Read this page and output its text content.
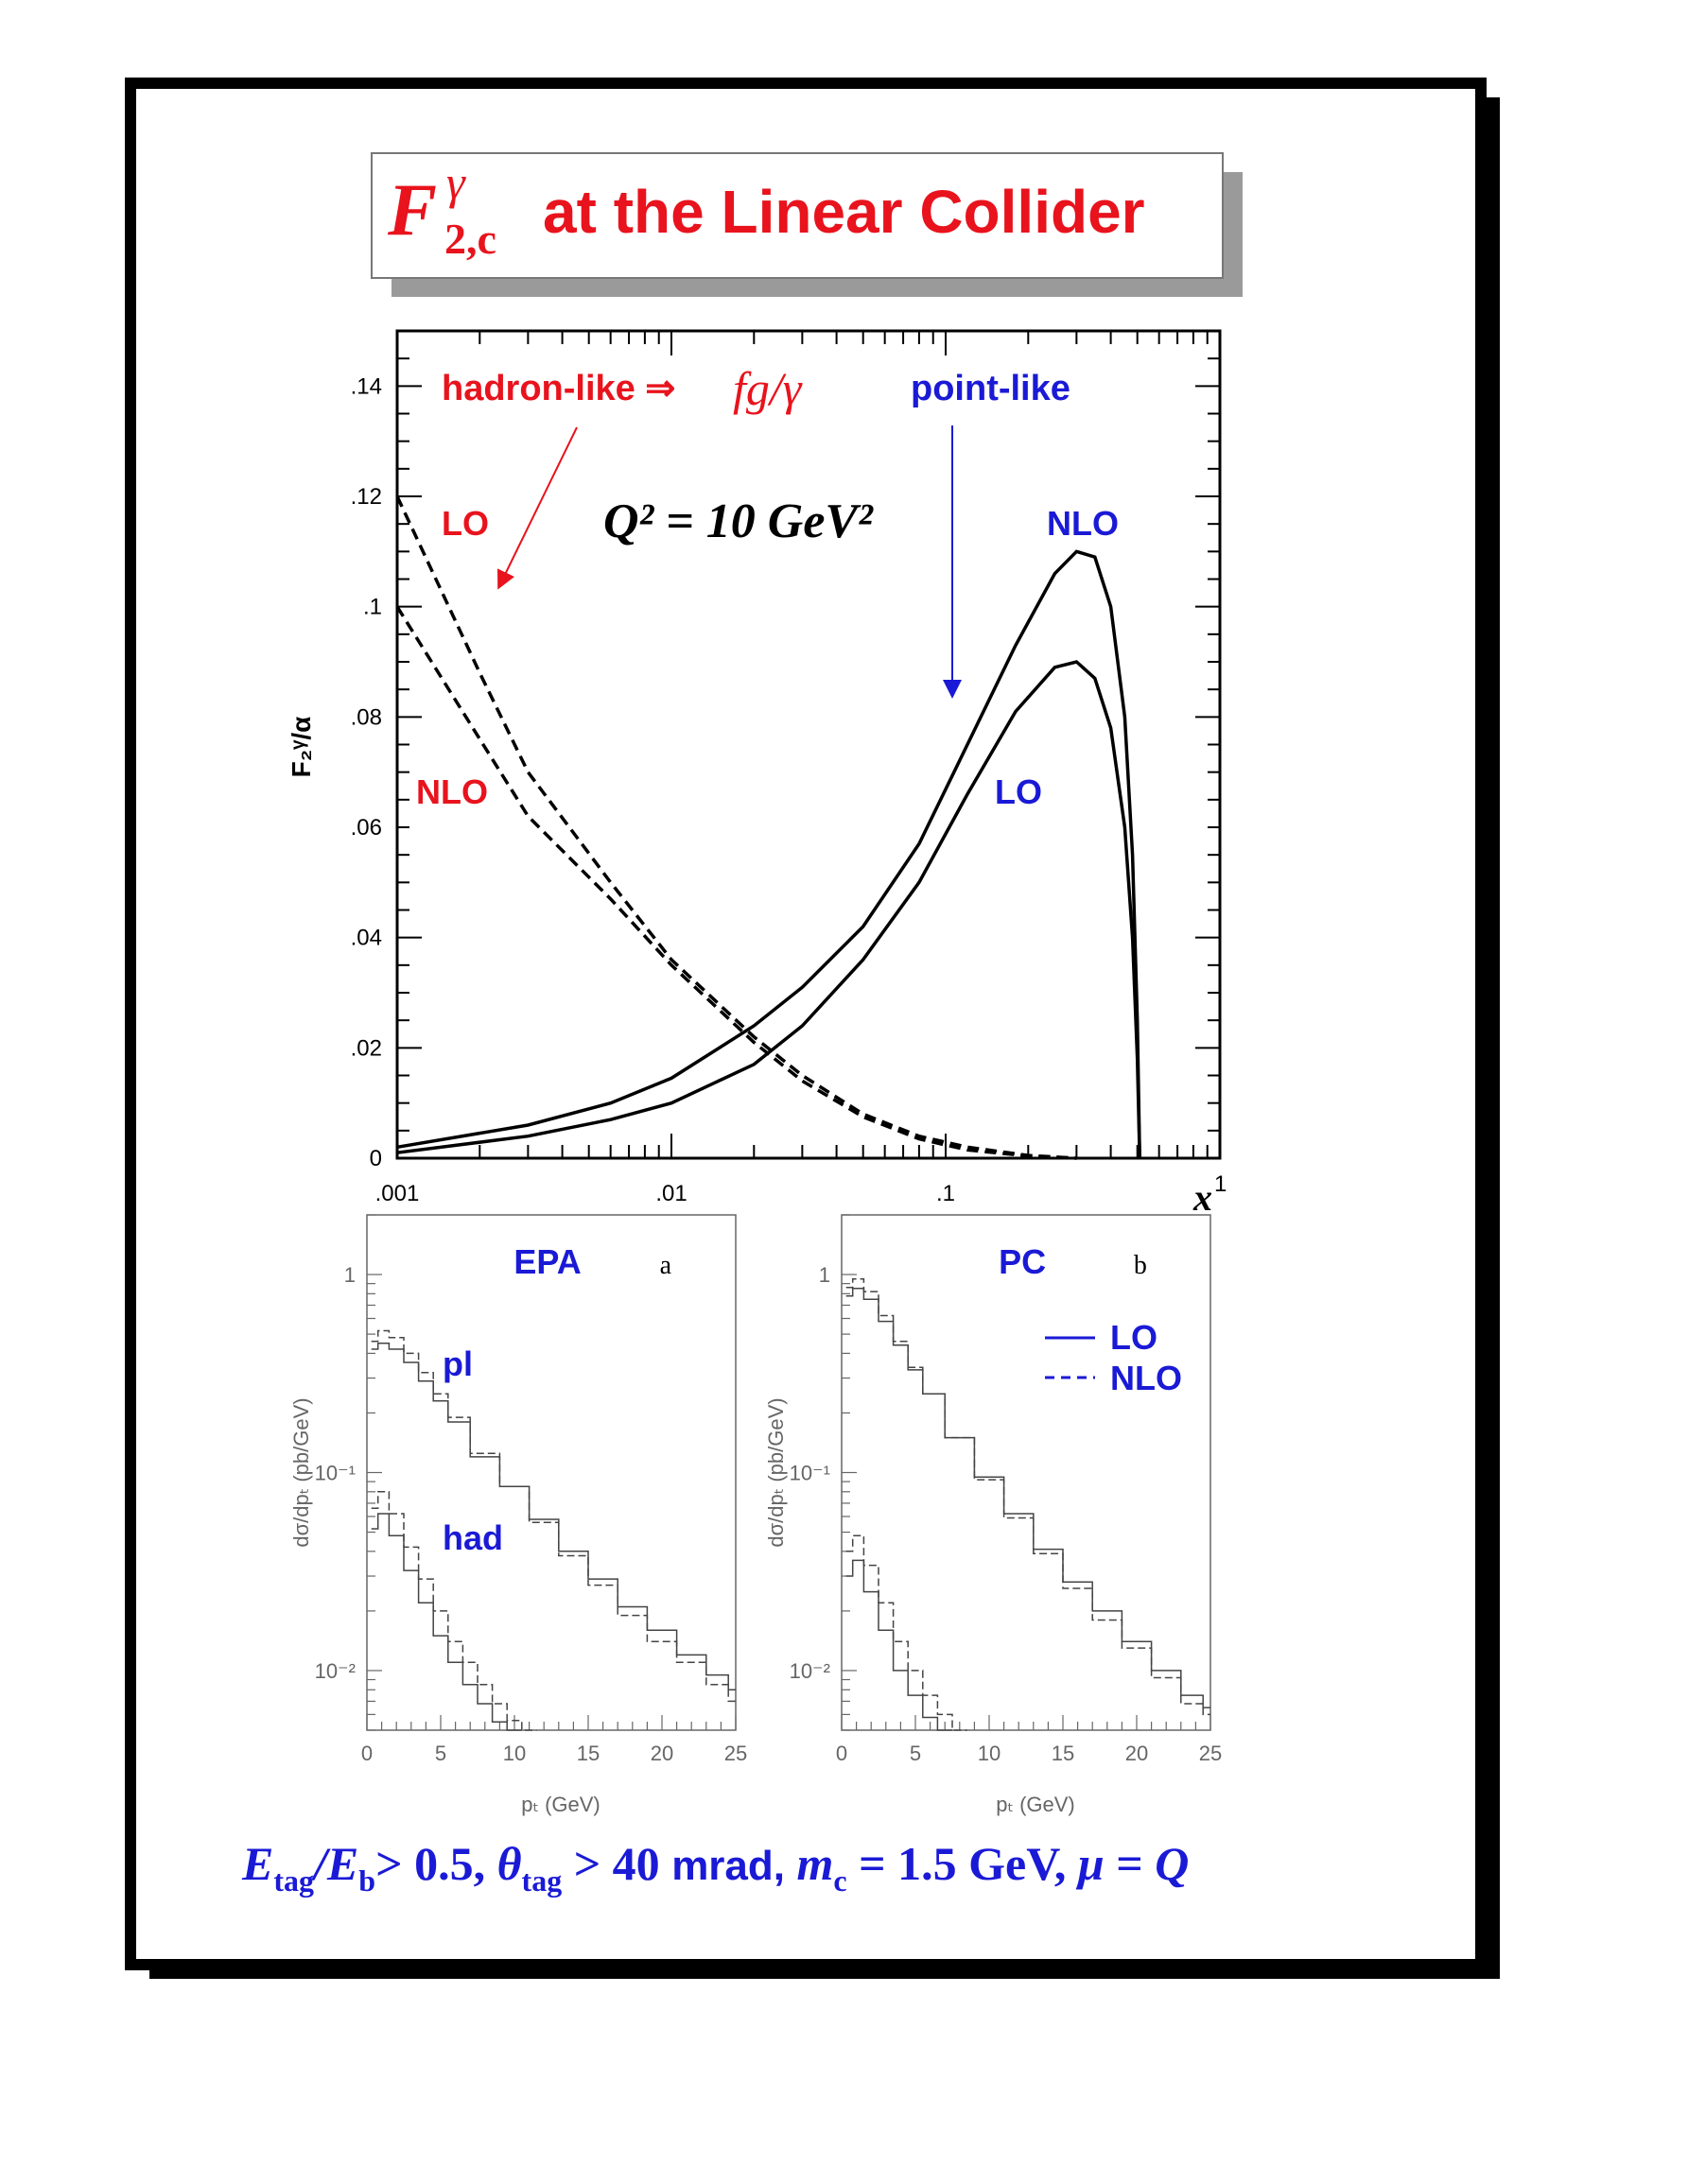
F γ
2,c at the Linear Collider
.001	.01	.1	1
0
.02
.04
.06
.08
.1
.12
.14
x
F₂ᵞ/α
hadron-like ⇒ fg/γ	point-like
Q² = 10 GeV²
LO
NLO
NLO
LO
0	5	10 15 20 25
1
10⁻¹
10⁻²
pₜ (GeV)
dσ/dpₜ (pb/GeV)
EPA	a
pl
had
0	5	10 15 20 25
1
10⁻¹
10⁻²
pₜ (GeV)
dσ/dpₜ (pb/GeV)
PC	b
LO
NLO
$E_{tag}/E_b> 0.5$, $\theta_{tag} > 40$ mrad, $m_c = 1.5$ GeV, μ = Q
